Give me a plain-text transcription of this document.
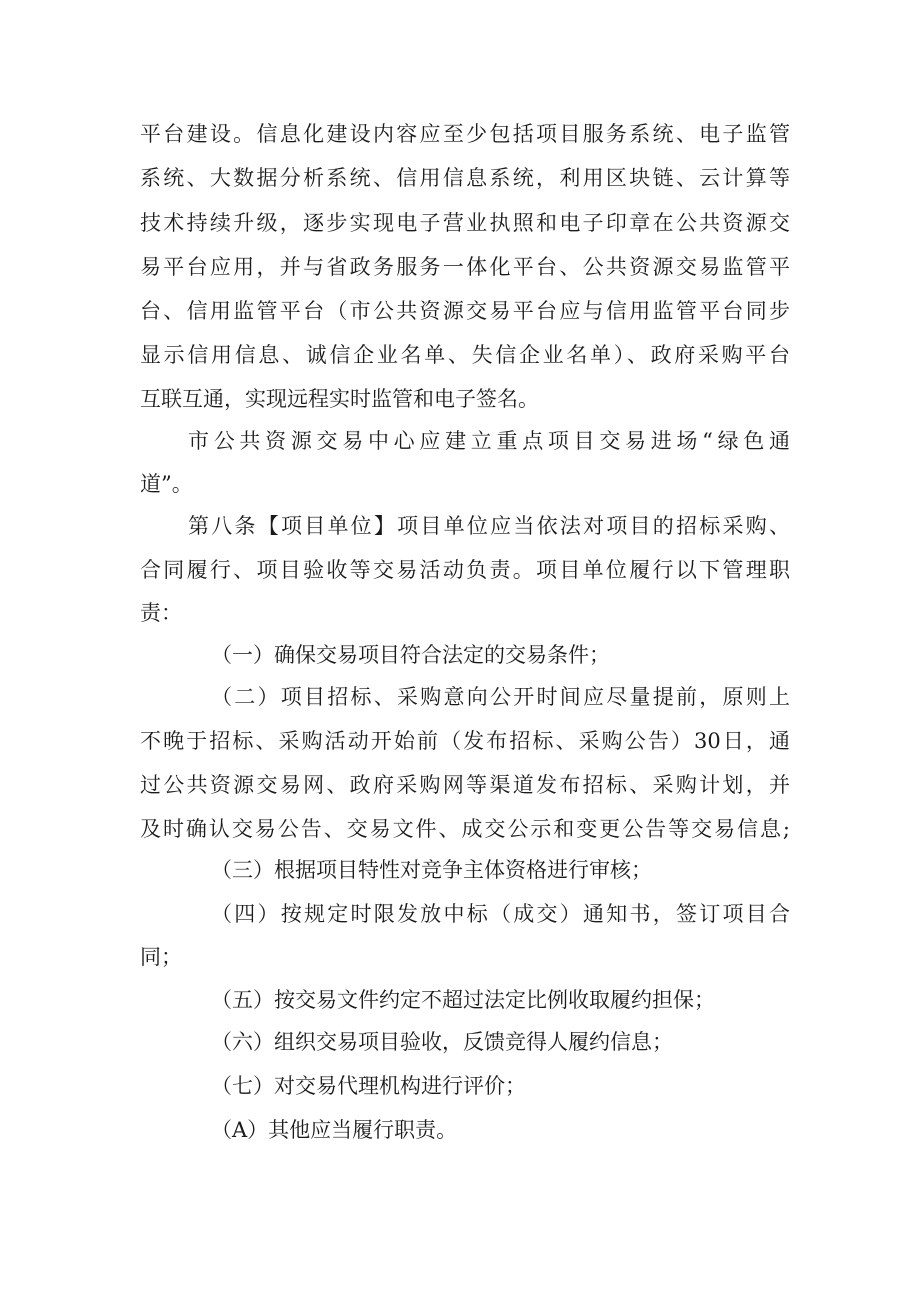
平台建设。信息化建设内容应至少包括项目服务系统、电子监管
系统、大数据分析系统、信用信息系统，利用区块链、云计算等
技术持续升级，逐步实现电子营业执照和电子印章在公共资源交
易平台应用，并与省政务服务一体化平台、公共资源交易监管平
台、信用监管平台（市公共资源交易平台应与信用监管平台同步
显示信用信息、诚信企业名单、失信企业名单）、政府采购平台
互联互通，实现远程实时监管和电子签名。
市公共资源交易中心应建立重点项目交易进场“绿色通
道”。
第八条【项目单位】项目单位应当依法对项目的招标采购、
合同履行、项目验收等交易活动负责。项目单位履行以下管理职
责：
（一）确保交易项目符合法定的交易条件；
（二）项目招标、采购意向公开时间应尽量提前，原则上
不晚于招标、采购活动开始前（发布招标、采购公告）30日，通
过公共资源交易网、政府采购网等渠道发布招标、采购计划，并
及时确认交易公告、交易文件、成交公示和变更公告等交易信息;
（三）根据项目特性对竞争主体资格进行审核；
（四）按规定时限发放中标（成交）通知书，签订项目合
同；
（五）按交易文件约定不超过法定比例收取履约担保；
（六）组织交易项目验收，反馈竞得人履约信息；
（七）对交易代理机构进行评价；
（A）其他应当履行职责。
